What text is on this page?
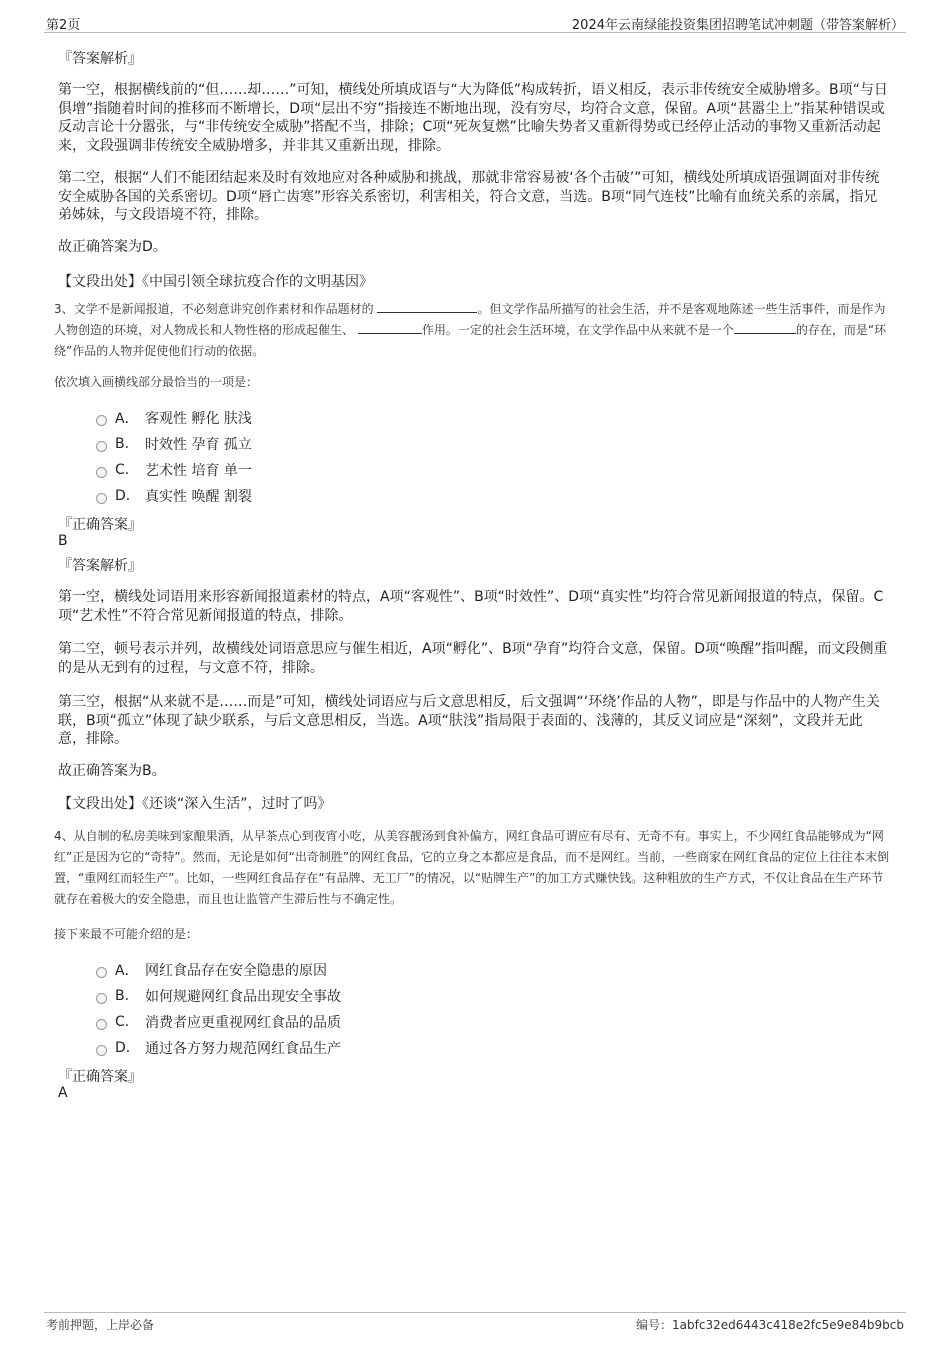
第2页	2024年云南绿能投资集团招聘笔试冲刺题（带答案解析）
『答案解析』
第一空，根据横线前的“但……却……”可知，横线处所填成语与“大为降低”构成转折，语义相反，表示非传统安全威胁增多。B项“与日俱增”指随着时间的推移而不断增长，D项“层出不穷”指接连不断地出现，没有穷尽，均符合文意，保留。A项“甚嚣尘上”指某种错误或反动言论十分嚣张，与“非传统安全威胁”搭配不当，排除；C项“死灰复燃”比喻失势者又重新得势或已经停止活动的事物又重新活动起来，文段强调非传统安全威胁增多，并非其又重新出现，排除。
第二空，根据“人们不能团结起来及时有效地应对各种威胁和挑战，那就非常容易被‘各个击破’”可知，横线处所填成语强调面对非传统安全威胁各国的关系密切。D项“唇亡齿寒”形容关系密切，利害相关，符合文意，当选。B项“同气连枝”比喻有血统关系的亲属，指兄弟姊妹，与文段语境不符，排除。
故正确答案为D。
【文段出处】《中国引领全球抗疫合作的文明基因》
3、文学不是新闻报道，不必刻意讲究创作素材和作品题材的	。但文学作品所描写的社会生活，并不是客观地陈述一些生活事件，而是作为人物创造的环境，对人物成长和人物性格的形成起催生、	作用。一定的社会生活环境，在文学作品中从来就不是一个	的存在，而是“环绕”作品的人物并促使他们行动的依据。
依次填入画横线部分最恰当的一项是：
A． 客观性 孵化 肤浅
B.	时效性 孕育 孤立
C.	艺术性 培育 单一
D.	真实性 唤醒 割裂
『正确答案』
B
『答案解析』
第一空，横线处词语用来形容新闻报道素材的特点，A项“客观性”、B项“时效性”、D项“真实性”均符合常见新闻报道的特点，保留。C项“艺术性”不符合常见新闻报道的特点，排除。
第二空，顿号表示并列，故横线处词语意思应与催生相近，A项“孵化”、B项“孕育”均符合文意，保留。D项“唤醒”指叫醒，而文段侧重的是从无到有的过程，与文意不符，排除。
第三空，根据“从来就不是……而是”可知，横线处词语应与后文意思相反，后文强调“‘环绕’作品的人物”，即是与作品中的人物产生关联，B项“孤立”体现了缺少联系，与后文意思相反，当选。A项“肤浅”指局限于表面的、浅薄的，其反义词应是“深刻”，文段并无此意，排除。
故正确答案为B。
【文段出处】《还谈“深入生活”，过时了吗》
4、从自制的私房美味到家酿果酒，从早茶点心到夜宵小吃，从美容靓汤到食补偏方，网红食品可谓应有尽有、无奇不有。事实上，不少网红食品能够成为“网红”正是因为它的“奇特”。然而，无论是如何“出奇制胜”的网红食品，它的立身之本都应是食品，而不是网红。当前，一些商家在网红食品的定位上往往本末倒置，“重网红而轻生产”。比如，一些网红食品存在“有品牌、无工厂”的情况，以“贴牌生产”的加工方式赚快钱。这种粗放的生产方式，不仅让食品在生产环节就存在着极大的安全隐患，而且也让监管产生滞后性与不确定性。
接下来最不可能介绍的是：
A． 网红食品存在安全隐患的原因
B.	如何规避网红食品出现安全事故
C.	消费者应更重视网红食品的品质
D.	通过各方努力规范网红食品生产
『正确答案』
A
考前押题，上岸必备	编号：1abfc32ed6443c418e2fc5e9e84b9bcb
